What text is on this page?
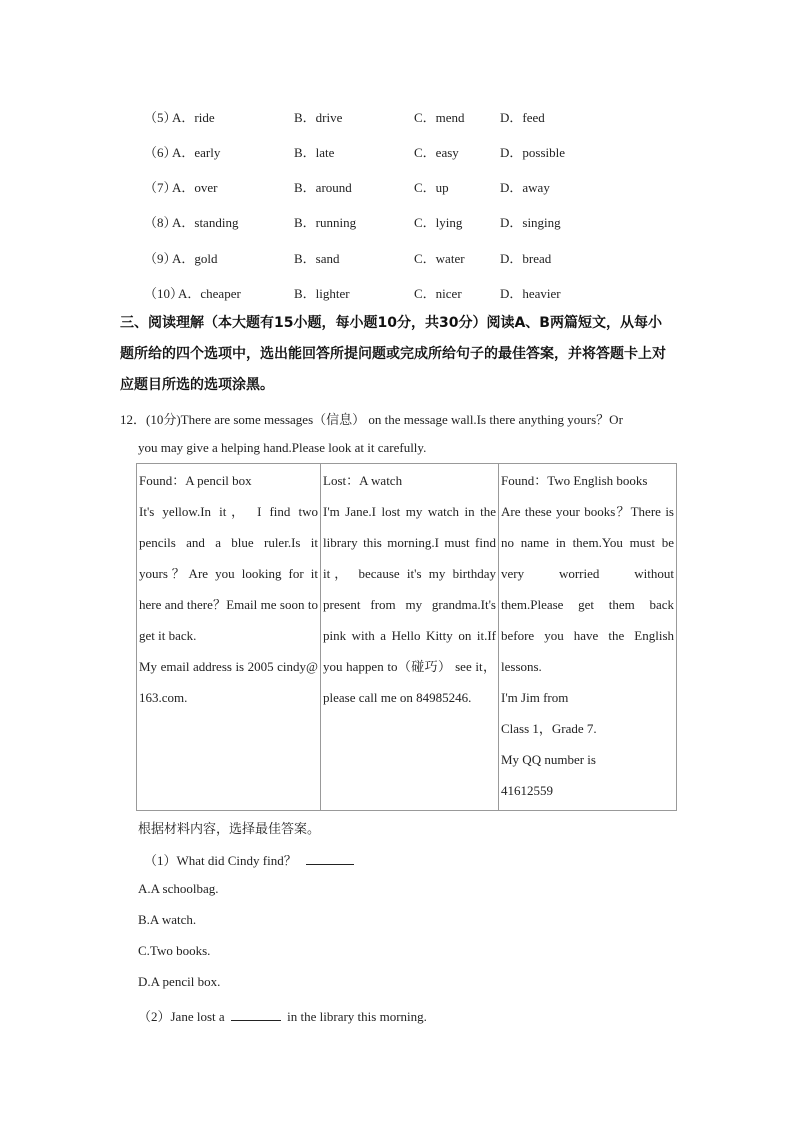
（5）
A．ride	B．drive	C．mend	D．feed
（6）
A．early	B．late	C．easy	D．possible
（7）
A．over	B．around	C．up	D．away
（8）
A．standing	B．running	C．lying	D．singing
（9）
A．gold	B．sand	C．water	D．bread
（10）
A．cheaper	B．lighter	C．nicer	D．heavier
三、阅读理解（本大题有15小题，每小题10分，共30分）阅读A、B两篇短文，从每小
题所给的四个选项中，选出能回答所提问题或完成所给句子的最佳答案，并将答题卡上对
应题目所选的选项涂黑。
12．(10分)There are some messages（信息） on the message wall.Is there anything yours？Or
you may give a helping hand.Please look at it carefully.
Found：A pencil box
It's yellow.In it， I find two pencils and a blue ruler.Is it yours？Are you looking for it here and there？Email me soon to get it back.
My email address is 2005 cindy@163.com.

Lost：A watch
I'm Jane.I lost my watch in the library this morning.I must find it， because it's my birthday present from my grandma.It's pink with a Hello Kitty on it.If you happen to（碰巧） see it，please call me on 84985246.

Found：Two English books
Are these your books？There is no name in them.You must be very worried without them.Please get them back before you have the English lessons.
I'm Jim from
Class 1，Grade 7.
My QQ number is
41612559
根据材料内容，选择最佳答案。
（1）What did Cindy find？
A.A schoolbag.
B.A watch.
C.Two books.
D.A pencil box.
（2）Jane lost a	in the library this morning.
